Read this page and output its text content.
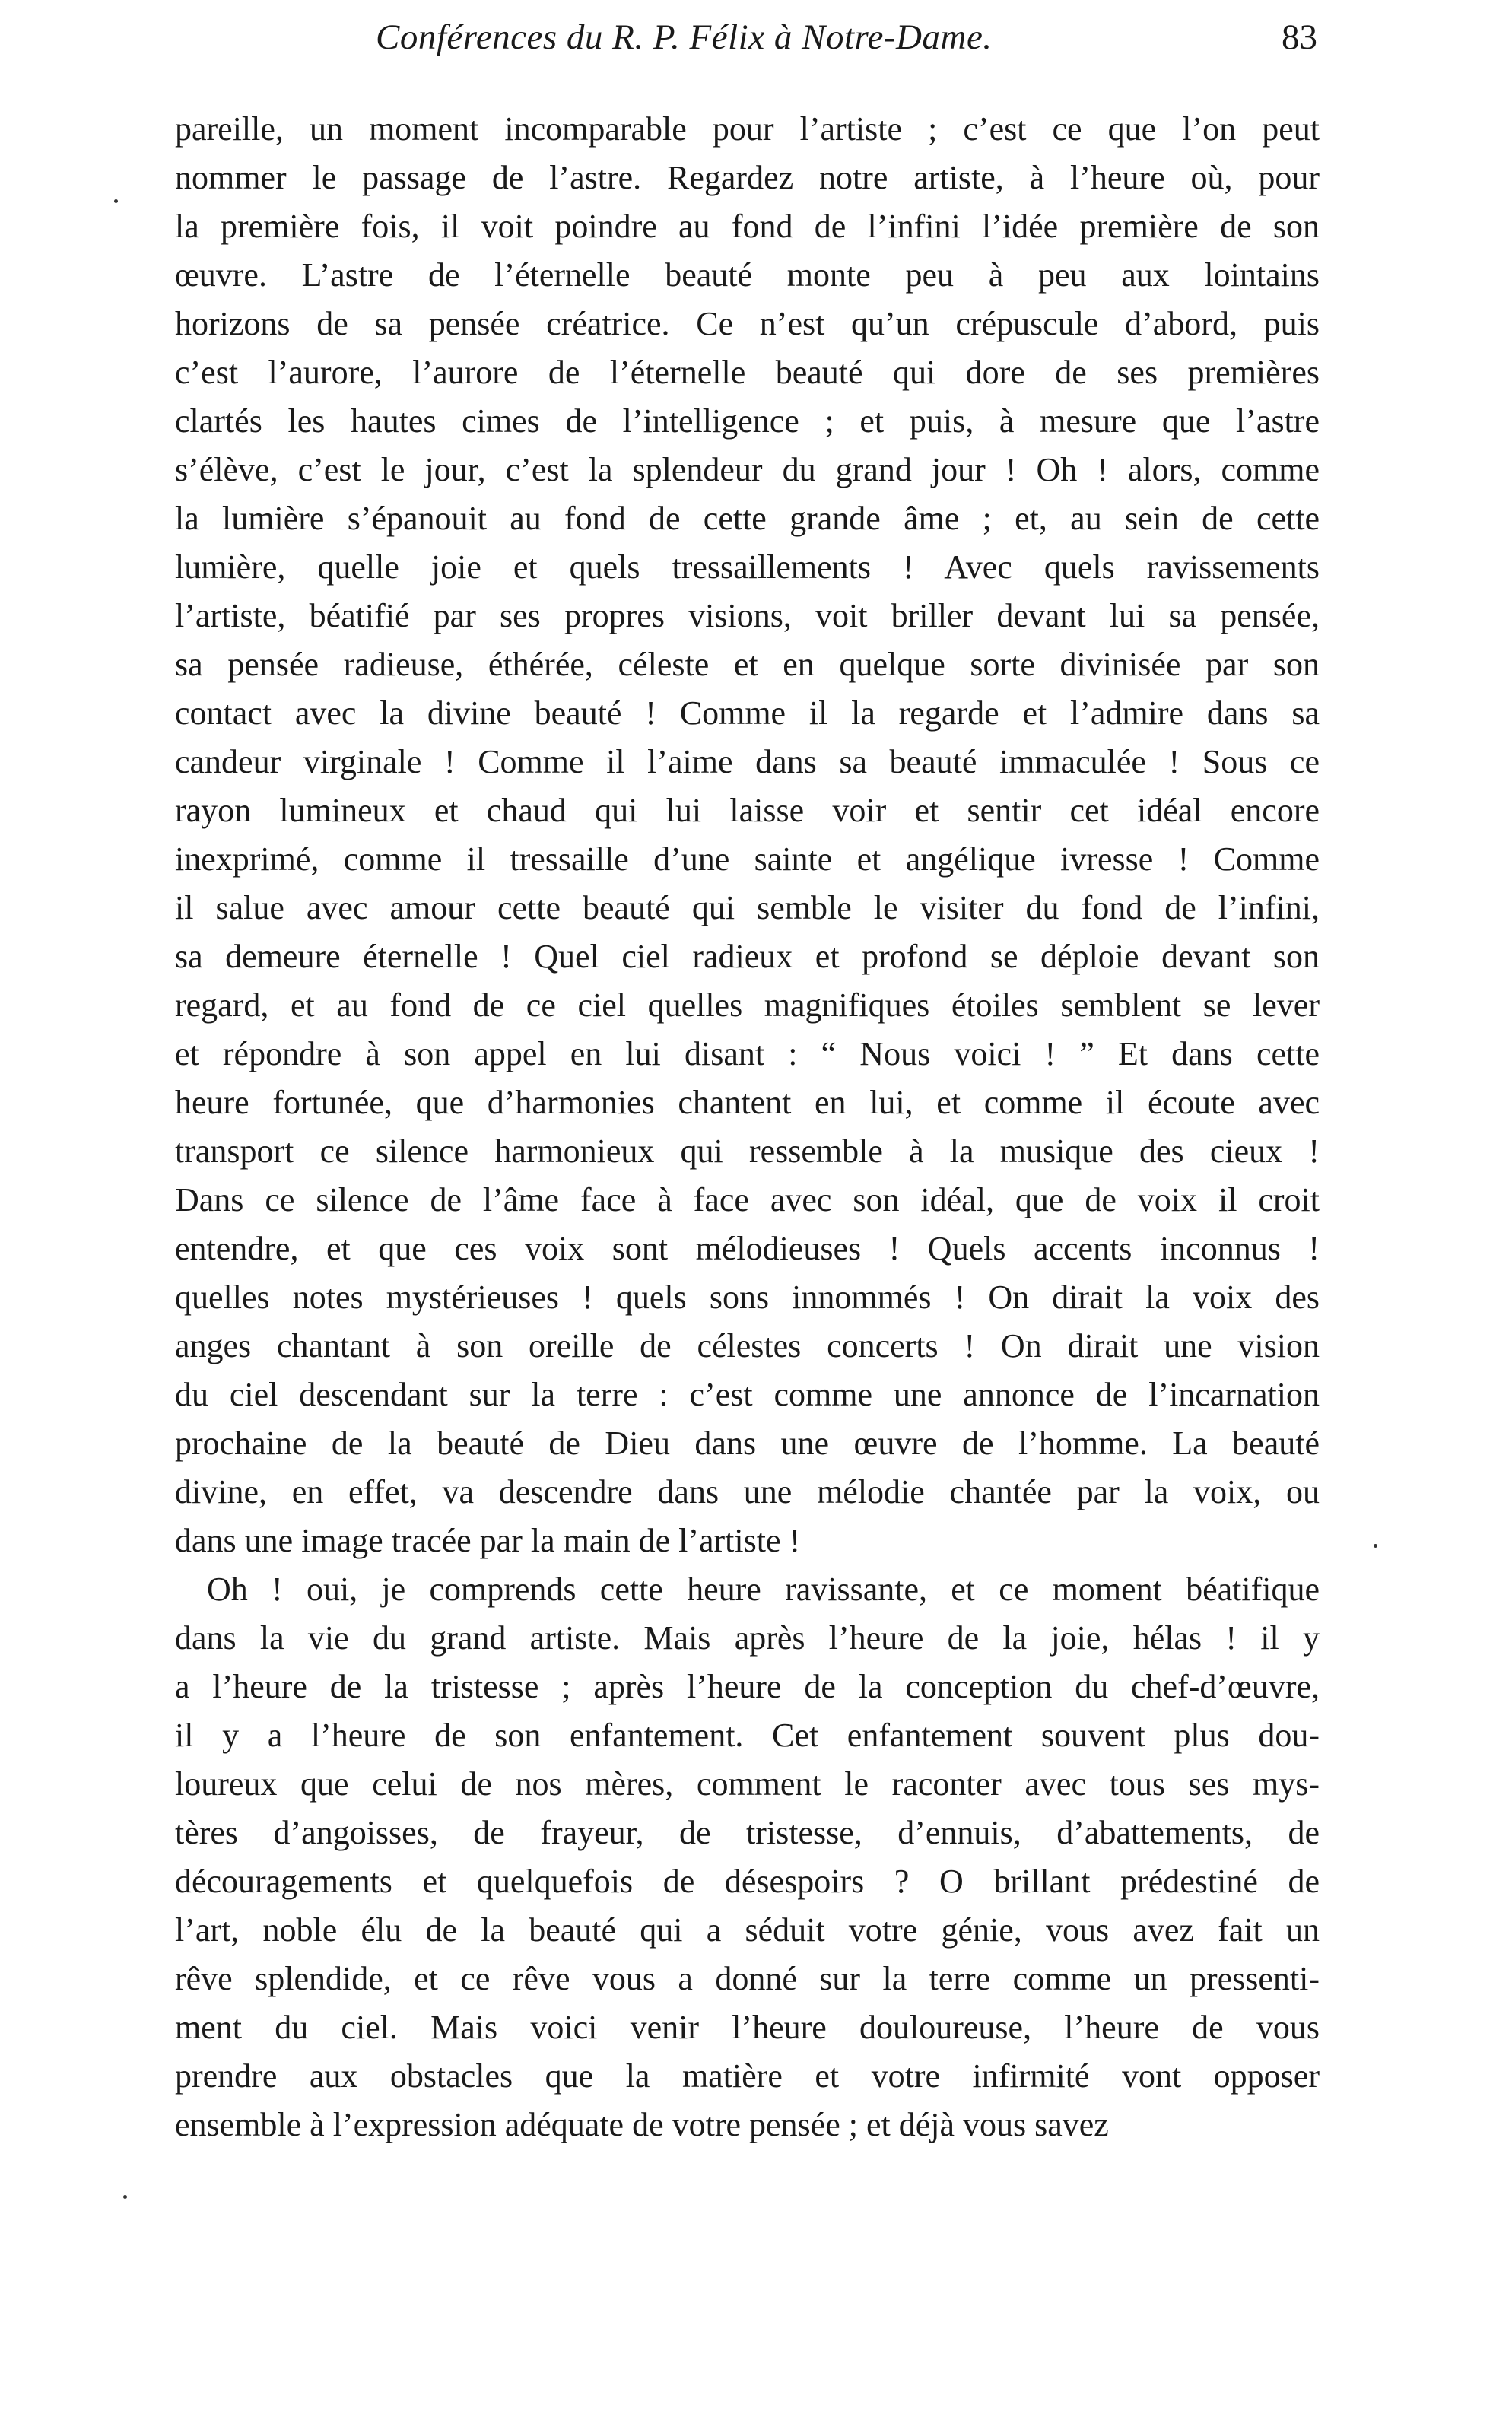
Conférences du R. P. Félix à Notre-Dame.	83
pareille, un moment incomparable pour l’artiste ; c’est ce que l’on peut
nommer le passage de l’astre. Regardez notre artiste, à l’heure où, pour
la première fois, il voit poindre au fond de l’infini l’idée première de son
œuvre. L’astre de l’éternelle beauté monte peu à peu aux lointains
horizons de sa pensée créatrice. Ce n’est qu’un crépuscule d’abord, puis
c’est l’aurore, l’aurore de l’éternelle beauté qui dore de ses premières
clartés les hautes cimes de l’intelligence ; et puis, à mesure que l’astre
s’élève, c’est le jour, c’est la splendeur du grand jour ! Oh ! alors, comme
la lumière s’épanouit au fond de cette grande âme ; et, au sein de cette
lumière, quelle joie et quels tressaillements ! Avec quels ravissements
l’artiste, béatifié par ses propres visions, voit briller devant lui sa pensée,
sa pensée radieuse, éthérée, céleste et en quelque sorte divinisée par son
contact avec la divine beauté ! Comme il la regarde et l’admire dans sa
candeur virginale ! Comme il l’aime dans sa beauté immaculée ! Sous ce
rayon lumineux et chaud qui lui laisse voir et sentir cet idéal encore
inexprimé, comme il tressaille d’une sainte et angélique ivresse ! Comme
il salue avec amour cette beauté qui semble le visiter du fond de l’infini,
sa demeure éternelle ! Quel ciel radieux et profond se déploie devant son
regard, et au fond de ce ciel quelles magnifiques étoiles semblent se lever
et répondre à son appel en lui disant : “ Nous voici ! ” Et dans cette
heure fortunée, que d’harmonies chantent en lui, et comme il écoute avec
transport ce silence harmonieux qui ressemble à la musique des cieux !
Dans ce silence de l’âme face à face avec son idéal, que de voix il croit
entendre, et que ces voix sont mélodieuses ! Quels accents inconnus !
quelles notes mystérieuses ! quels sons innommés ! On dirait la voix des
anges chantant à son oreille de célestes concerts ! On dirait une vision
du ciel descendant sur la terre : c’est comme une annonce de l’incarnation
prochaine de la beauté de Dieu dans une œuvre de l’homme. La beauté
divine, en effet, va descendre dans une mélodie chantée par la voix, ou
dans une image tracée par la main de l’artiste !
Oh ! oui, je comprends cette heure ravissante, et ce moment béatifique
dans la vie du grand artiste. Mais après l’heure de la joie, hélas ! il y
a l’heure de la tristesse ; après l’heure de la conception du chef-d’œuvre,
il y a l’heure de son enfantement. Cet enfantement souvent plus dou-
loureux que celui de nos mères, comment le raconter avec tous ses mys-
tères d’angoisses, de frayeur, de tristesse, d’ennuis, d’abattements, de
découragements et quelquefois de désespoirs ? O brillant prédestiné de
l’art, noble élu de la beauté qui a séduit votre génie, vous avez fait un
rêve splendide, et ce rêve vous a donné sur la terre comme un pressenti-
ment du ciel. Mais voici venir l’heure douloureuse, l’heure de vous
prendre aux obstacles que la matière et votre infirmité vont opposer
ensemble à l’expression adéquate de votre pensée ; et déjà vous savez
